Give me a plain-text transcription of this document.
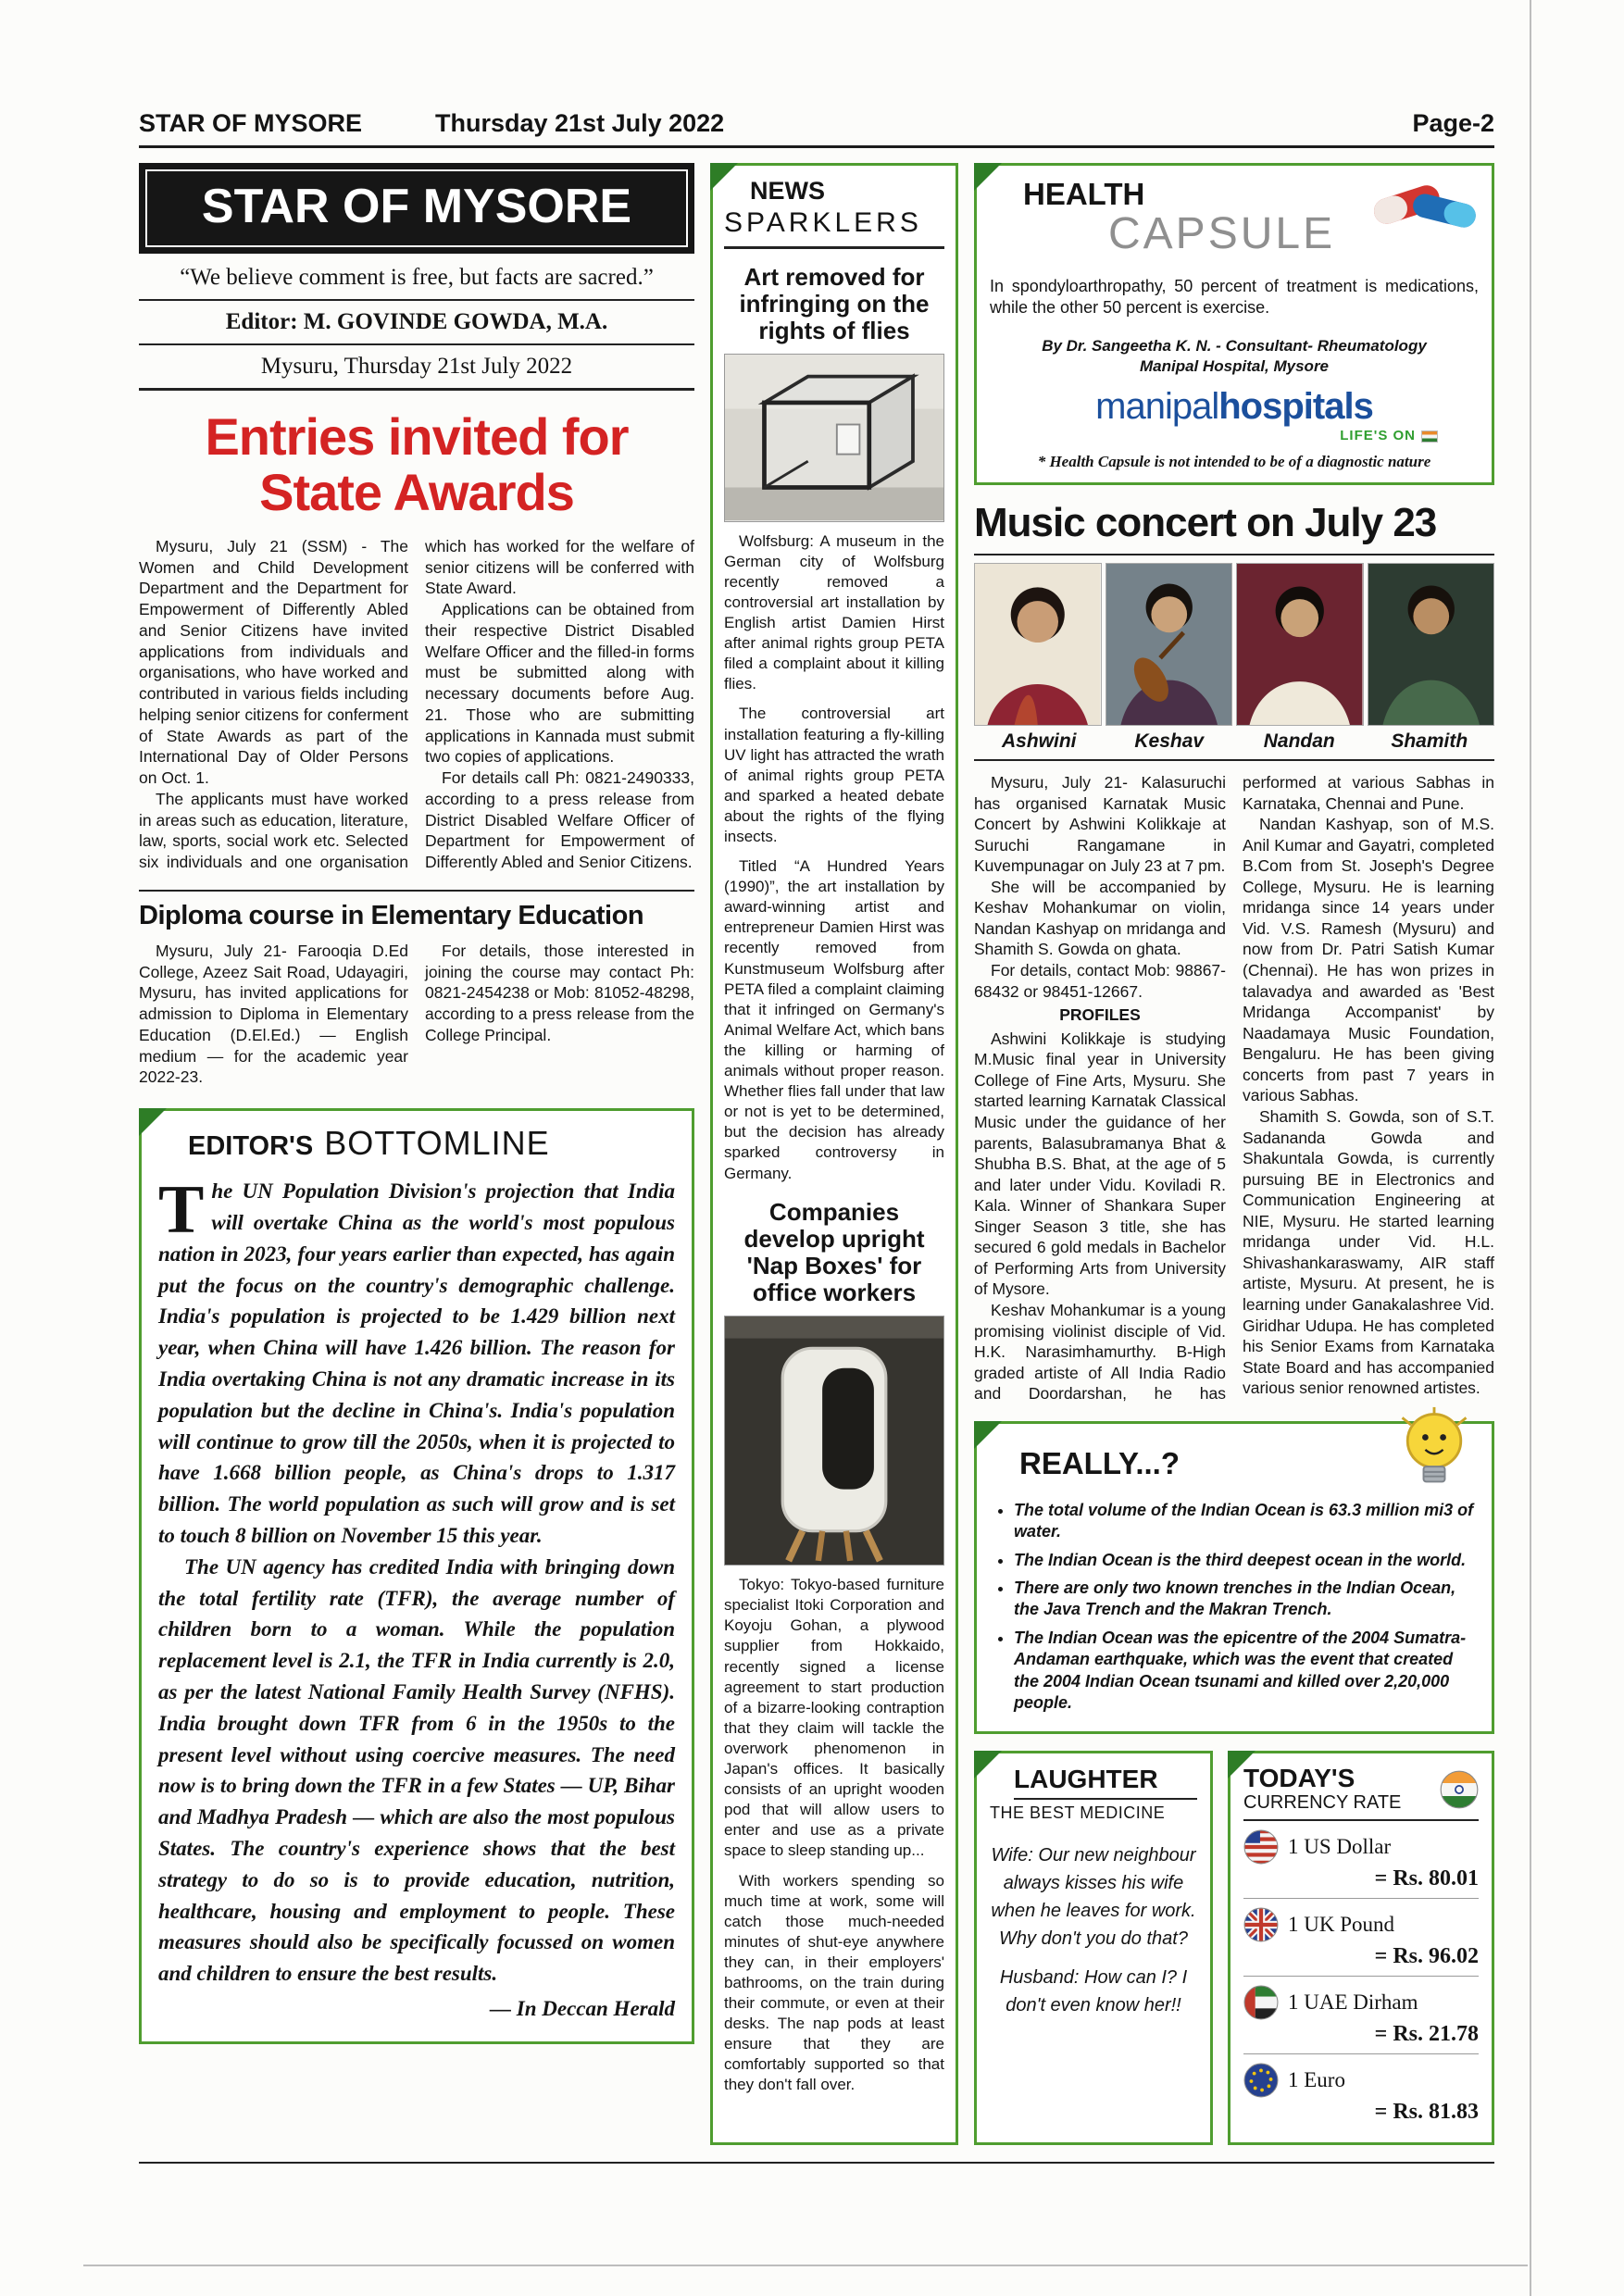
STAR OF MYSORE	Thursday 21st July 2022	Page-2
STAR OF MYSORE
“We believe comment is free, but facts are sacred.”
Editor: M. GOVINDE GOWDA, M.A.
Mysuru, Thursday 21st July 2022
Entries invited for State Awards

Mysuru, July 21 (SSM) - The Women and Child Development Department and the Department for Empowerment of Differently Abled and Senior Citizens have invited applications from individuals and organisations, who have worked and contributed in various fields including helping senior citizens for conferment of State Awards as part of the International Day of Older Persons on Oct. 1.

The applicants must have worked in areas such as education, literature, law, sports, social work etc. Selected six individuals and one organisation which has worked for the welfare of senior citizens will be conferred with State Award.

Applications can be obtained from their respective District Disabled Welfare Officer and the filled-in forms must be submitted along with necessary documents before Aug. 21. Those who are submitting applications in Kannada must submit two copies of applications.

For details call Ph: 0821-2490333, according to a press release from District Disabled Welfare Officer of Department for Empowerment of Differently Abled and Senior Citizens.

Diploma course in Elementary Education

Mysuru, July 21- Farooqia D.Ed College, Azeez Sait Road, Udayagiri, Mysuru, has invited applications for admission to Diploma in Elementary Education (D.El.Ed.) — English medium — for the academic year 2022-23.

For details, those interested in joining the course may contact Ph: 0821-2454238 or Mob: 81052-48298, according to a press release from the College Principal.

EDITOR'S BOTTOMLINE

The UN Population Division's projection that India will overtake China as the world's most populous nation in 2023, four years earlier than expected, has again put the focus on the country's demographic challenge. India's population is projected to be 1.429 billion next year, when China will have 1.426 billion. The reason for India overtaking China is not any dramatic increase in its population but the decline in China's. India's population will continue to grow till the 2050s, when it is projected to have 1.668 billion people, as China's drops to 1.317 billion. The world population as such will grow and is set to touch 8 billion on November 15 this year.

The UN agency has credited India with bringing down the total fertility rate (TFR), the average number of children born to a woman. While the population replacement level is 2.1, the TFR in India currently is 2.0, as per the latest National Family Health Survey (NFHS). India brought down TFR from 6 in the 1950s to the present level without using coercive measures. The need now is to bring down the TFR in a few States — UP, Bihar and Madhya Pradesh — which are also the most populous States. The country's experience shows that the best strategy to do so is to provide education, nutrition, healthcare, housing and employment to people. These measures should also be specifically focussed on women and children to ensure the best results.

— In Deccan Herald

NEWS
SPARKLERS
Art removed for infringing on the rights of flies

Wolfsburg: A museum in the German city of Wolfsburg recently removed a controversial art installation by English artist Damien Hirst after animal rights group PETA filed a complaint about it killing flies.

The controversial art installation featuring a fly-killing UV light has attracted the wrath of animal rights group PETA and sparked a heated debate about the rights of the flying insects.

Titled “A Hundred Years (1990)”, the art installation by award-winning artist and entrepreneur Damien Hirst was recently removed from Kunstmuseum Wolfsburg after PETA filed a complaint claiming that it infringed on Germany's Animal Welfare Act, which bans the killing or harming of animals without proper reason. Whether flies fall under that law or not is yet to be determined, but the decision has already sparked controversy in Germany.

Companies develop upright 'Nap Boxes' for office workers

Tokyo: Tokyo-based furniture specialist Itoki Corporation and Koyoju Gohan, a plywood supplier from Hokkaido, recently signed a license agreement to start production of a bizarre-looking contraption that they claim will tackle the overwork phenomenon in Japan's offices. It basically consists of an upright wooden pod that will allow users to enter and use as a private space to sleep standing up...

With workers spending so much time at work, some will catch those much-needed minutes of shut-eye anywhere they can, in their employers' bathrooms, on the train during their commute, or even at their desks. The nap pods at least ensure that they are comfortably supported so that they don't fall over.

HEALTH
CAPSULE

In spondyloarthropathy, 50 percent of treatment is medications, while the other 50 percent is exercise.

By Dr. Sangeetha K. N. - Consultant- Rheumatology
Manipal Hospital, Mysore
manipalhospitals
LIFE'S ON
* Health Capsule is not intended to be of a diagnostic nature
Music concert on July 23
Ashwini	Keshav	Nandan	Shamith

Mysuru, July 21- Kalasuruchi has organised Karnatak Music Concert by Ashwini Kolikkaje at Suruchi Rangamane in Kuvempunagar on July 23 at 7 pm.

She will be accompanied by Keshav Mohankumar on violin, Nandan Kashyap on mridanga and Shamith S. Gowda on ghata.

For details, contact Mob: 98867-68432 or 98451-12667.

PROFILES

Ashwini Kolikkaje is studying M.Music final year in University College of Fine Arts, Mysuru. She started learning Karnatak Classical Music under the guidance of her parents, Balasubramanya Bhat & Shubha B.S. Bhat, at the age of 5 and later under Vidu. Koviladi R. Kala. Winner of Shankara Super Singer Season 3 title, she has secured 6 gold medals in Bachelor of Performing Arts from University of Mysore.

Keshav Mohankumar is a young promising violinist disciple of Vid. H.K. Narasimhamurthy. B-High graded artiste of All India Radio and Doordarshan, he has performed at various Sabhas in Karnataka, Chennai and Pune.

Nandan Kashyap, son of M.S. Anil Kumar and Gayatri, completed B.Com from St. Joseph's Degree College, Mysuru. He is learning mridanga since 14 years under Vid. V.S. Ramesh (Mysuru) and now from Dr. Patri Satish Kumar (Chennai). He has won prizes in talavadya and awarded as 'Best Mridanga Accompanist' by Naadamaya Music Foundation, Bengaluru. He has been giving concerts from past 7 years in various Sabhas.

Shamith S. Gowda, son of S.T. Sadananda Gowda and Shakuntala Gowda, is currently pursuing BE in Electronics and Communication Engineering at NIE, Mysuru. He started learning mridanga under Vid. H.L. Shivashankaraswamy, AIR staff artiste, Mysuru. At present, he is learning under Ganakalashree Vid. Giridhar Udupa. He has completed his Senior Exams from Karnataka State Board and has accompanied various senior renowned artistes.

REALLY...?
• The total volume of the Indian Ocean is 63.3 million mi3 of water.
• The Indian Ocean is the third deepest ocean in the world.
• There are only two known trenches in the Indian Ocean, the Java Trench and the Makran Trench.
• The Indian Ocean was the epicentre of the 2004 Sumatra-Andaman earthquake, which was the event that created the 2004 Indian Ocean tsunami and killed over 2,20,000 people.
LAUGHTER
THE BEST MEDICINE

Wife: Our new neighbour always kisses his wife when he leaves for work. Why don't you do that?

Husband: How can I? I don't even know her!!

TODAY'S
CURRENCY RATE
1 US Dollar
= Rs. 80.01
1 UK Pound
= Rs. 96.02
1 UAE Dirham
= Rs. 21.78
1 Euro
= Rs. 81.83
